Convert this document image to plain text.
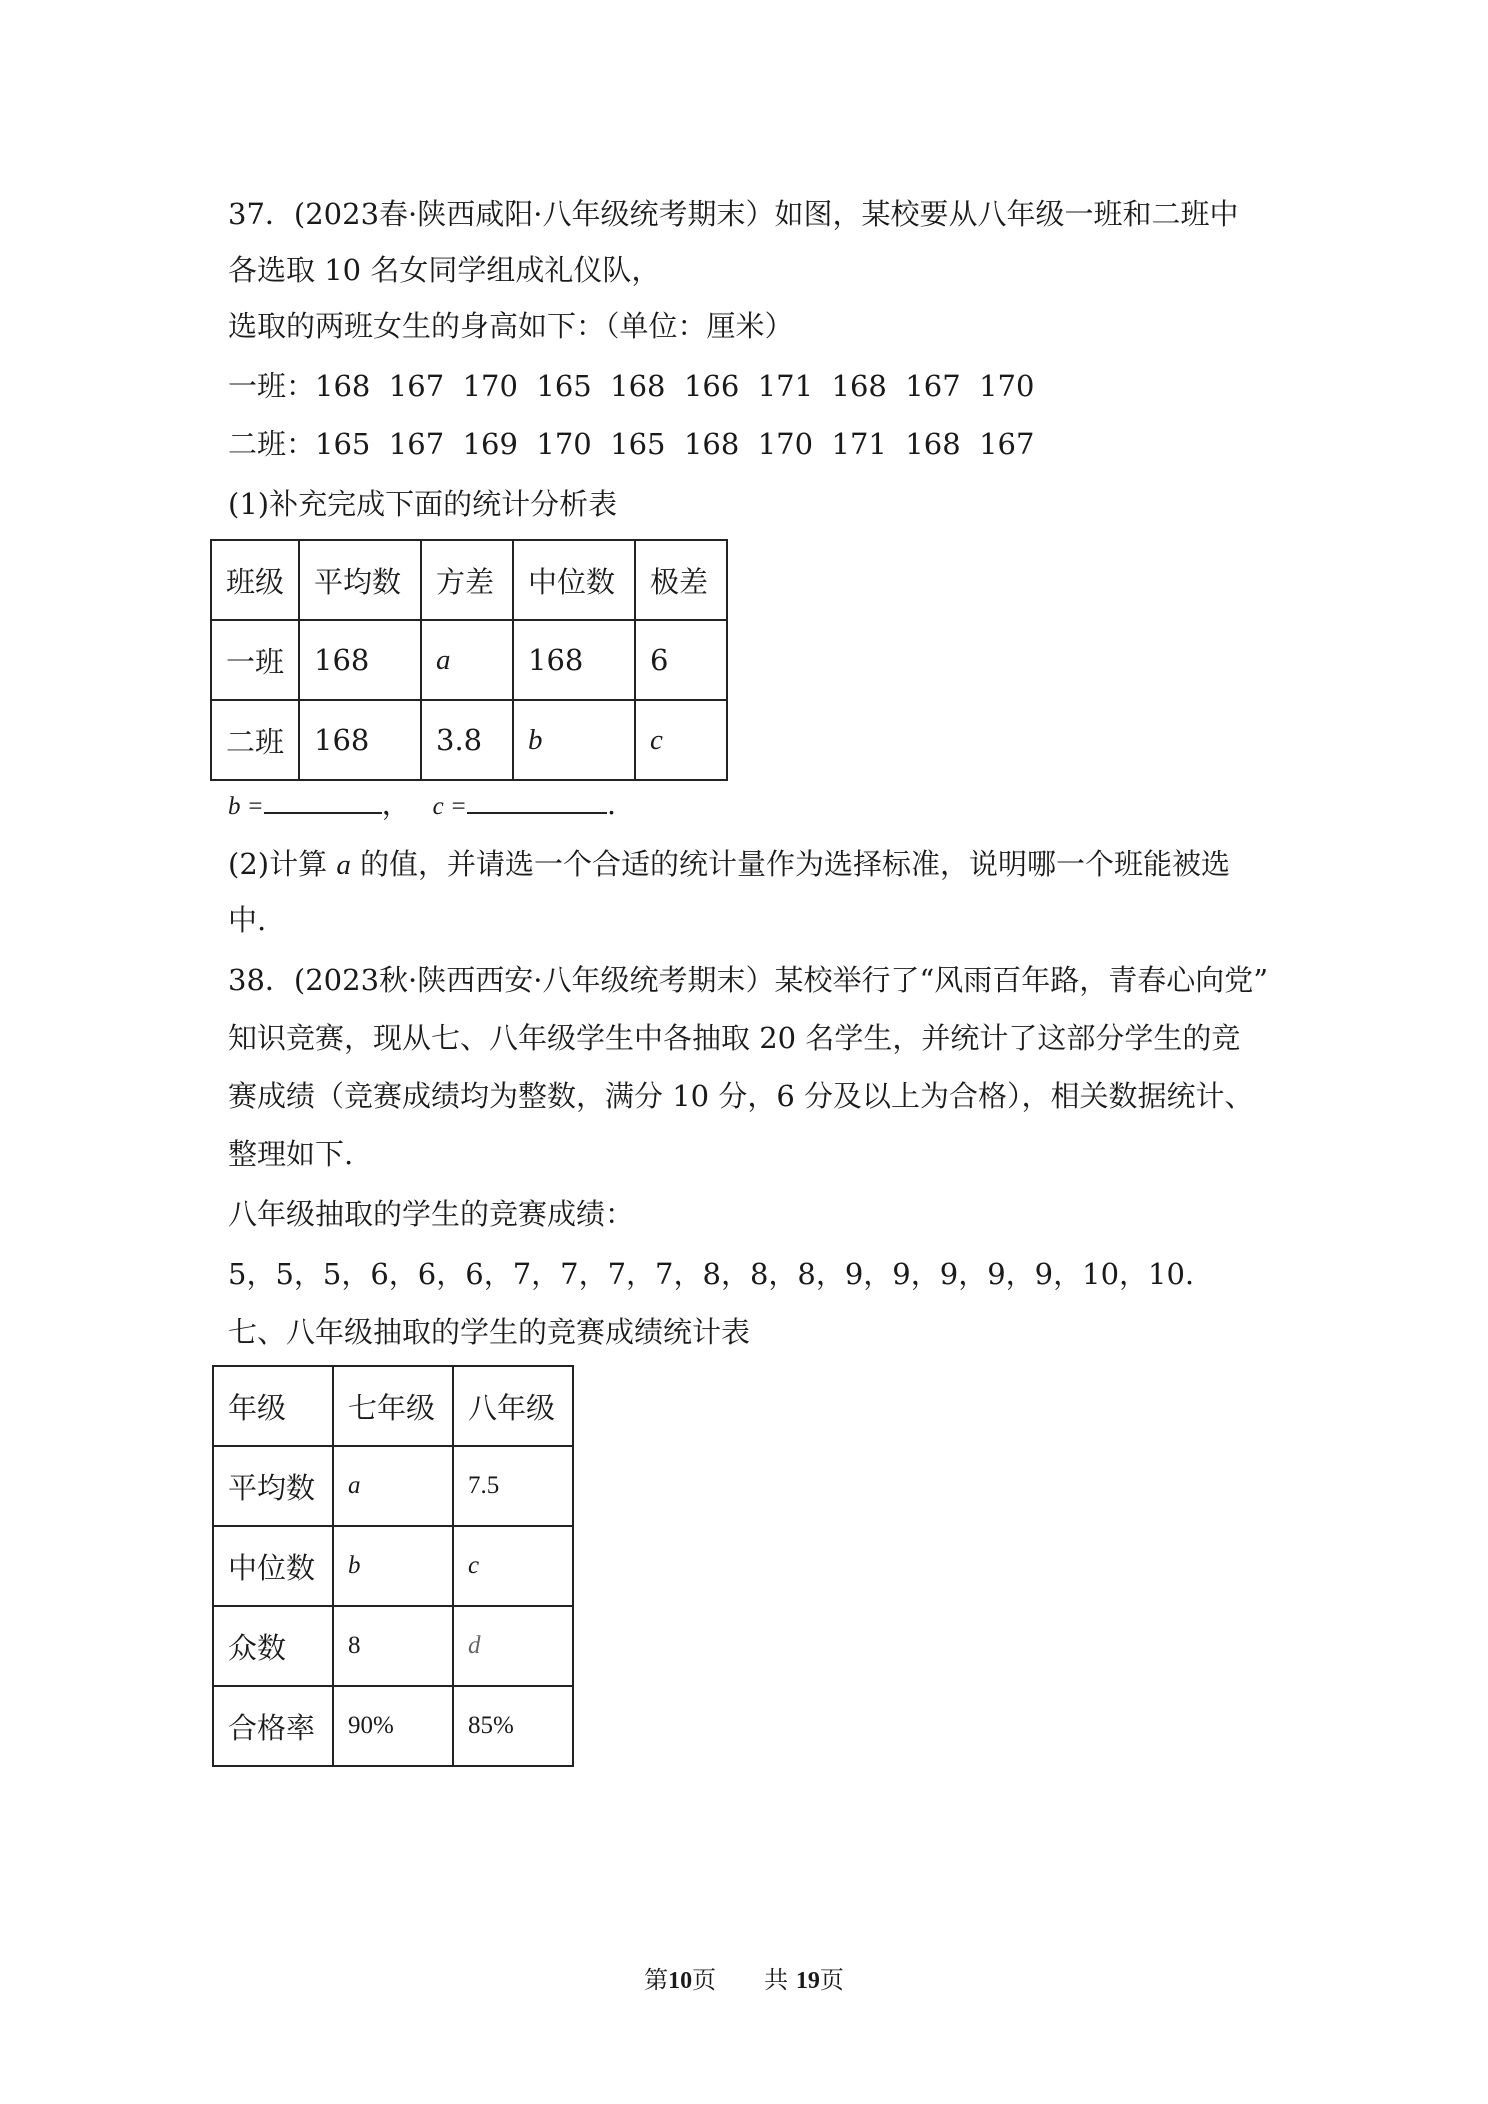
37．(2023春·陕西咸阳·八年级统考期末）如图，某校要从八年级一班和二班中
各选取 10 名女同学组成礼仪队，
选取的两班女生的身高如下：（单位：厘米）
一班：168  167  170  165  168  166  171  168  167  170
二班：165  167  169  170  165  168  170  171  168  167
(1)补充完成下面的统计分析表
班级	平均数	方差	中位数	极差
一班	168	a	168	6
二班	168	3.8	b	c
b =	， c =	.
(2)计算 a 的值，并请选一个合适的统计量作为选择标准，说明哪一个班能被选
中.
38．(2023秋·陕西西安·八年级统考期末）某校举行了“风雨百年路，青春心向党”
知识竞赛，现从七、八年级学生中各抽取 20 名学生，并统计了这部分学生的竞
赛成绩（竞赛成绩均为整数，满分 10 分，6 分及以上为合格），相关数据统计、
整理如下.
八年级抽取的学生的竞赛成绩：
5，5，5，6，6，6，7，7，7，7，8，8，8，9，9，9，9，9，10，10.
七、八年级抽取的学生的竞赛成绩统计表
年级	七年级	八年级
平均数	a	7.5
中位数	b	c
众数	8	d
合格率	90%	85%
第10页 共 19页
